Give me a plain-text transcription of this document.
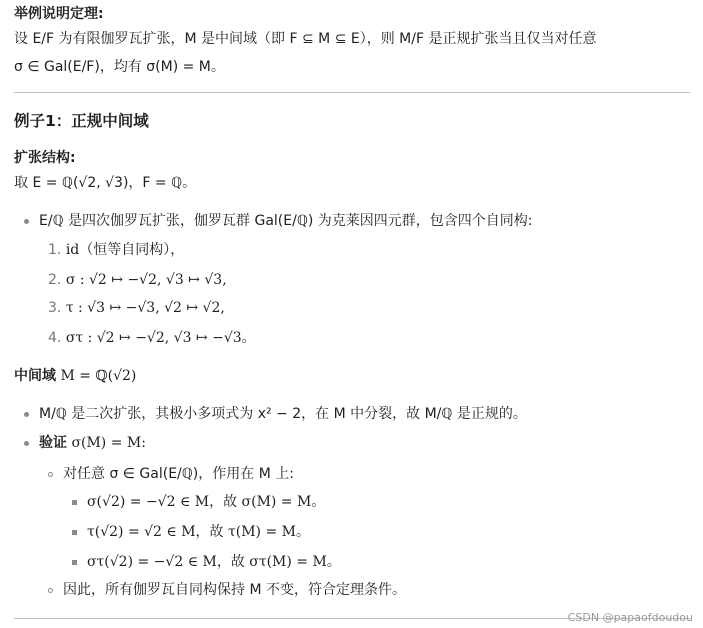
举例说明定理:
设 E/F 为有限伽罗瓦扩张，M 是中间域（即 F ⊆ M ⊆ E），则 M/F 是正规扩张当且仅当对任意
σ ∈ Gal(E/F)，均有 σ(M) = M。
例子1：正规中间域
扩张结构:
取 E = ℚ(√2, √3)，F = ℚ。
E/ℚ 是四次伽罗瓦扩张，伽罗瓦群 Gal(E/ℚ) 为克莱因四元群，包含四个自同构:
1. id（恒等自同构），
2. σ : √2 ↦ −√2, √3 ↦ √3,
3. τ : √3 ↦ −√3, √2 ↦ √2,
4. στ : √2 ↦ −√2, √3 ↦ −√3。
中间域 M = ℚ(√2)
M/ℚ 是二次扩张，其极小多项式为 x² − 2，在 M 中分裂，故 M/ℚ 是正规的。
验证 σ(M) = M:
对任意 σ ∈ Gal(E/ℚ)，作用在 M 上:
σ(√2) = −√2 ∈ M，故 σ(M) = M。
τ(√2) = √2 ∈ M，故 τ(M) = M。
στ(√2) = −√2 ∈ M，故 στ(M) = M。
因此，所有伽罗瓦自同构保持 M 不变，符合定理条件。
CSDN @papaofdoudou
